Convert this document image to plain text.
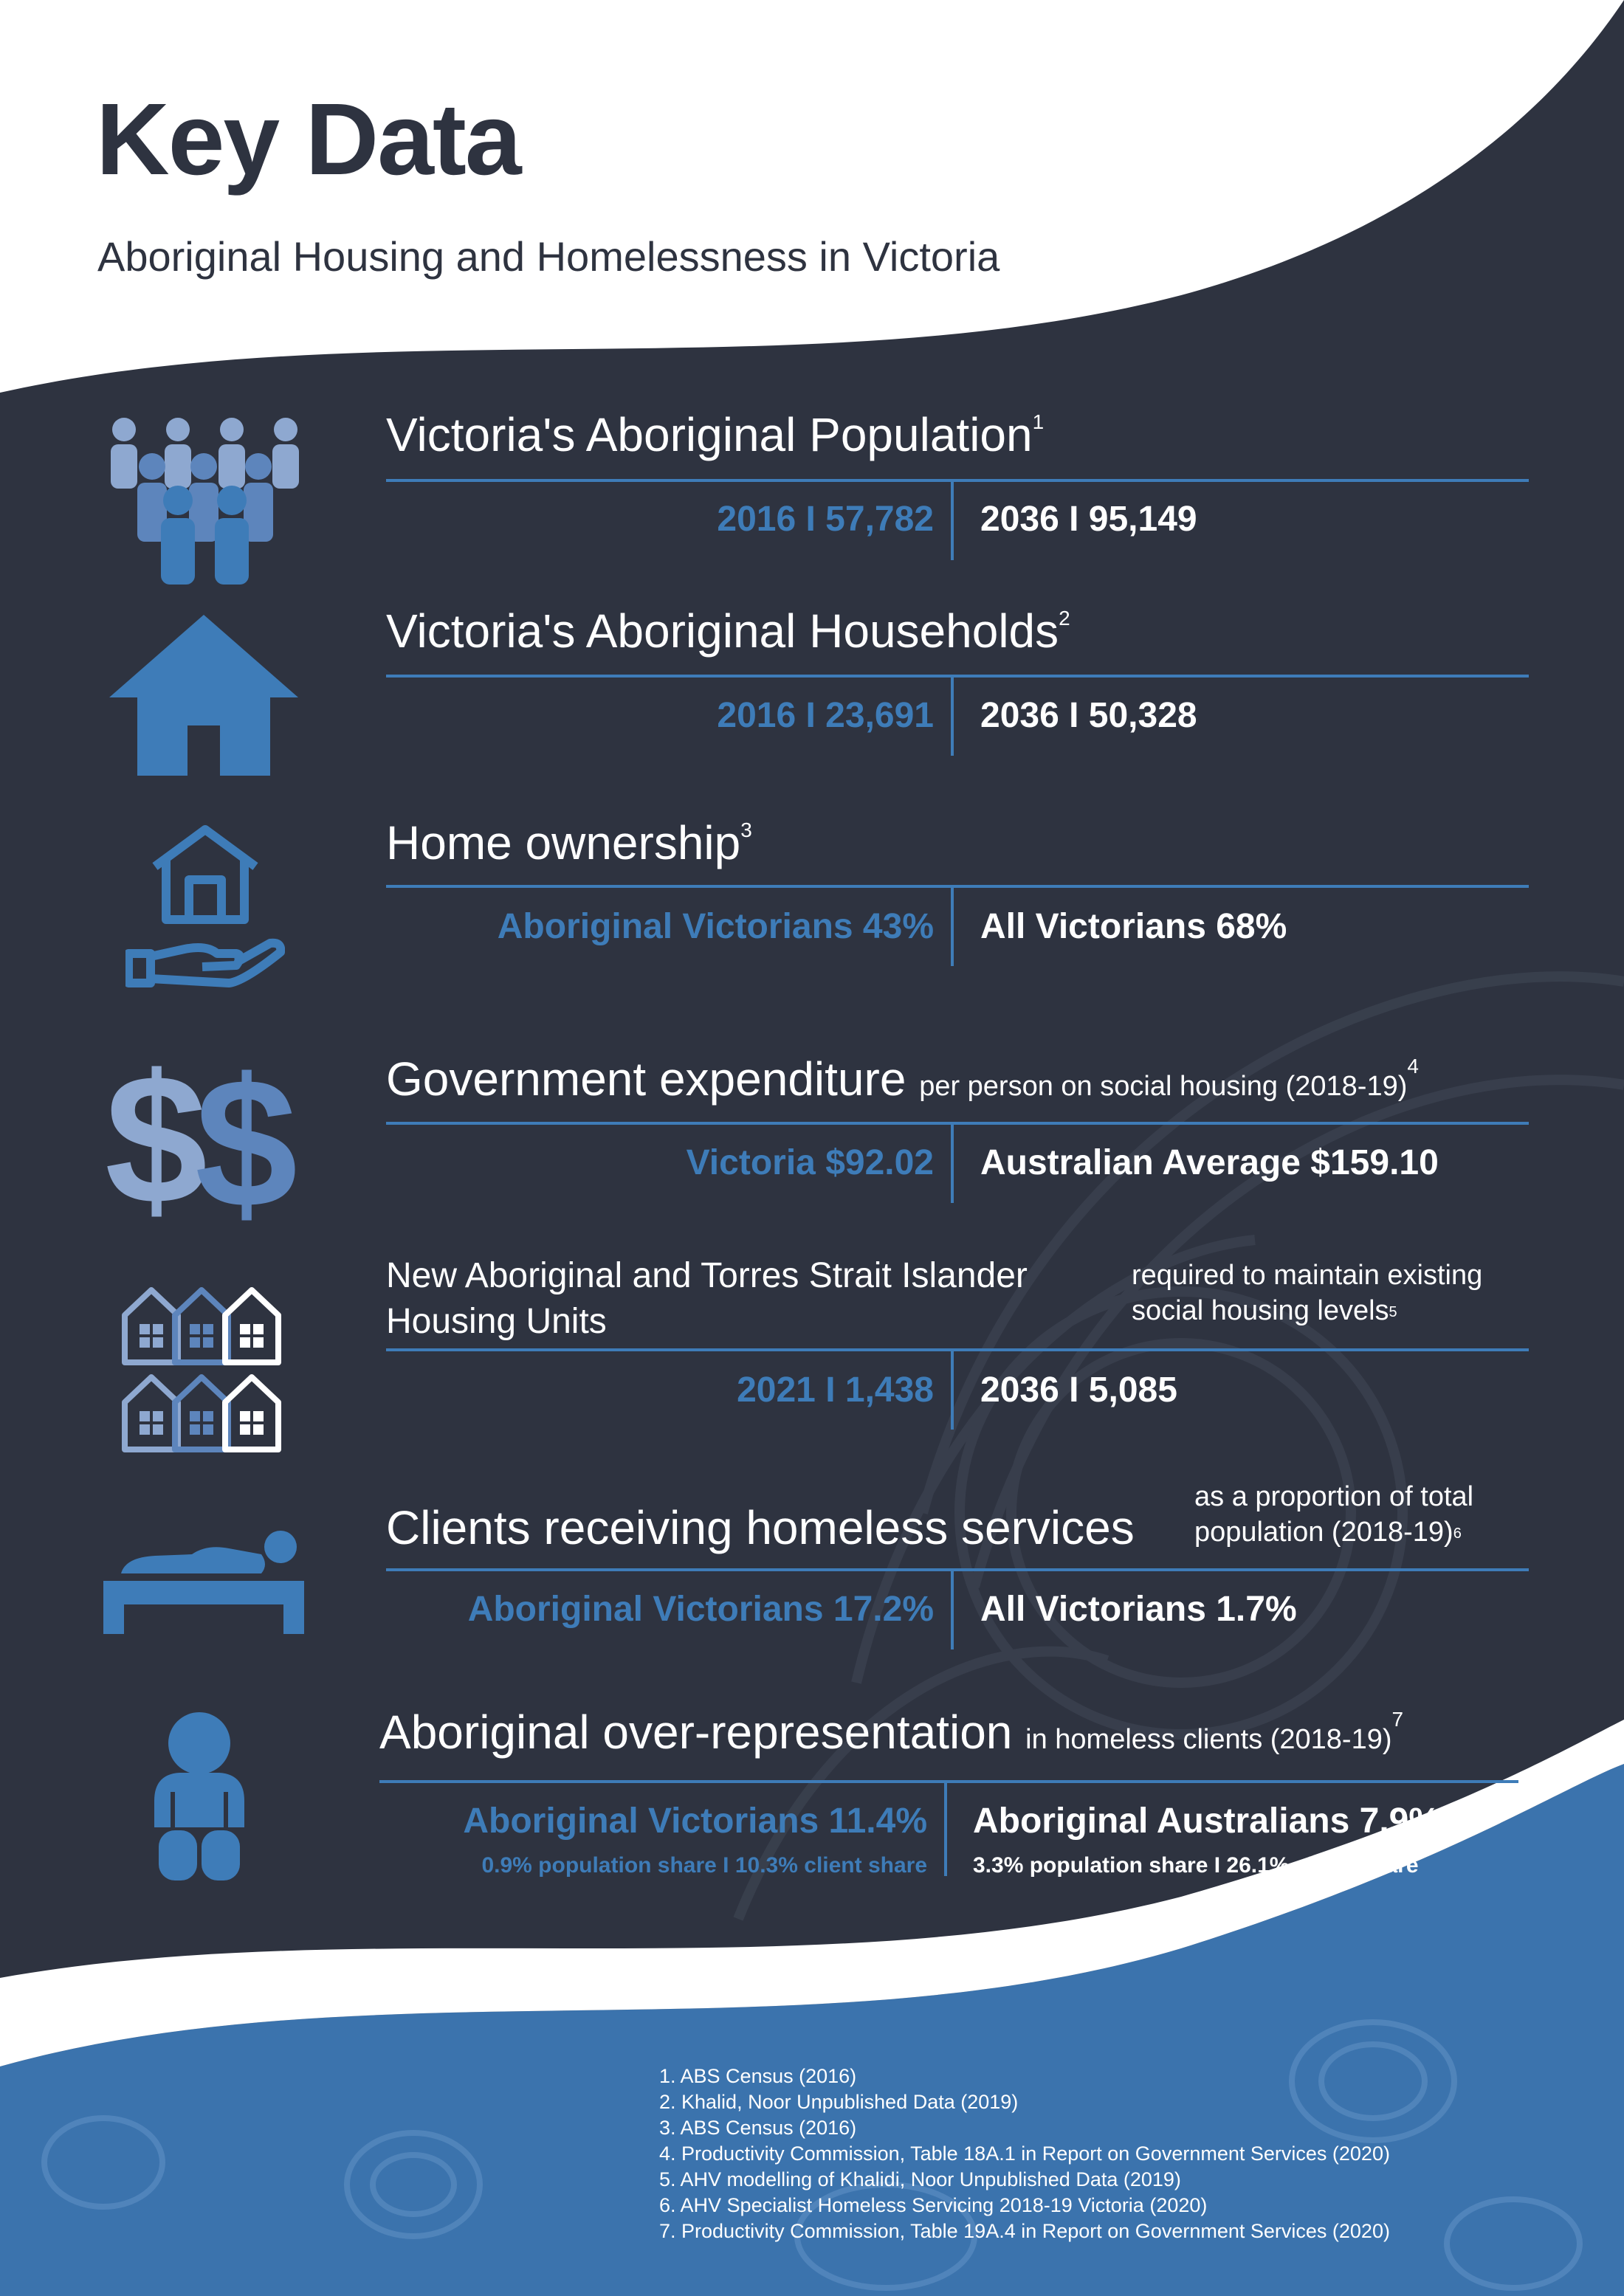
Key Data
Aboriginal Housing and Homelessness in Victoria
Victoria's Aboriginal Population$^1$
2016 I 57,782 2036 I 95,149
Victoria's Aboriginal Households$^2$
2016 I 23,691 2036 I 50,328
Home ownership$^3$
Aboriginal Victorians 43% All Victorians 68%
$
$ Government expenditure per person on social housing (2018-19)$^4$
Victoria $92.02 Australian Average $159.10
New Aboriginal and Torres Strait Islander Housing Units
required to maintain existing social housing levels$^5$
2021 I 1,438 2036 I 5,085
Clients receiving homeless services
as a proportion of total population (2018-19)$^6$
Aboriginal Victorians 17.2% All Victorians 1.7%
Aboriginal over-representation in homeless clients (2018-19)$^7$
Aboriginal Victorians 11.4% Aboriginal Australians 7.9%
0.9% population share I 10.3% client share 3.3% population share I 26.1% client share
1. ABS Census (2016)
2. Khalid, Noor Unpublished Data (2019)
3. ABS Census (2016)
4. Productivity Commission, Table 18A.1 in Report on Government Services (2020)
5. AHV modelling of Khalidi, Noor Unpublished Data (2019)
6. AHV Specialist Homeless Servicing 2018-19 Victoria (2020)
7. Productivity Commission, Table 19A.4 in Report on Government Services (2020)
